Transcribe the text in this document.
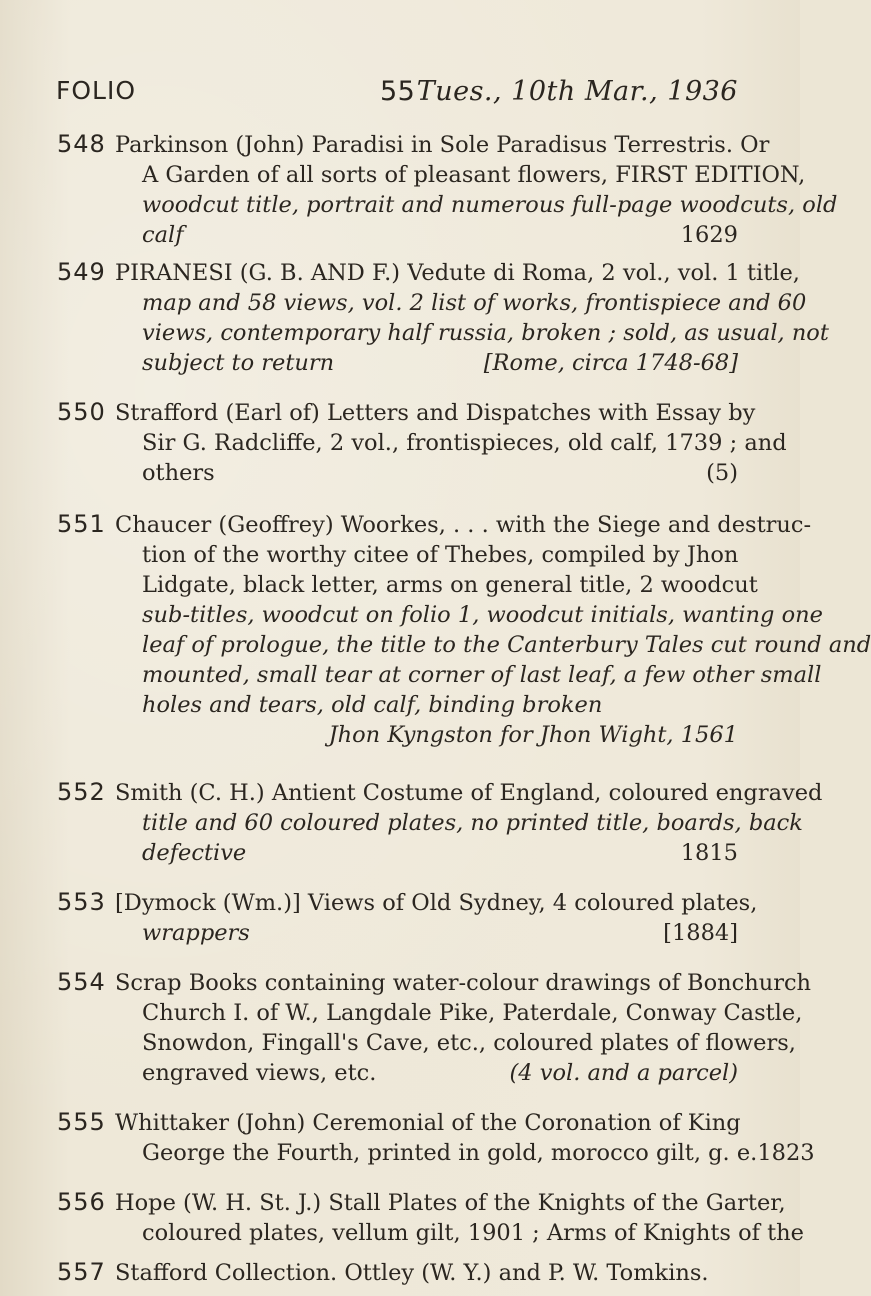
FOLIO	55 Tues., 10th Mar., 1936
548 Parkinson (John) Paradisi in Sole Paradisus Terrestris. Or
A Garden of all sorts of pleasant flowers, FIRST EDITION,
woodcut title, portrait and numerous full-page woodcuts, old
calf	1629
549 PIRANESI (G. B. AND F.) Vedute di Roma, 2 vol., vol. 1 title,
map and 58 views, vol. 2 list of works, frontispiece and 60
views, contemporary half russia, broken ; sold, as usual, not
subject to return	[Rome, circa 1748-68]
550 Strafford (Earl of) Letters and Dispatches with Essay by
Sir G. Radcliffe, 2 vol., frontispieces, old calf, 1739 ; and
others	(5)
551 Chaucer (Geoffrey) Woorkes, . . . with the Siege and destruc-
tion of the worthy citee of Thebes, compiled by Jhon
Lidgate, black letter, arms on general title, 2 woodcut
sub-titles, woodcut on folio 1, woodcut initials, wanting one
leaf of prologue, the title to the Canterbury Tales cut round and
mounted, small tear at corner of last leaf, a few other small
holes and tears, old calf, binding broken
Jhon Kyngston for Jhon Wight, 1561
552 Smith (C. H.) Antient Costume of England, coloured engraved
title and 60 coloured plates, no printed title, boards, back
defective	1815
553 [Dymock (Wm.)] Views of Old Sydney, 4 coloured plates,
wrappers	[1884]
554 Scrap Books containing water-colour drawings of Bonchurch
Church I. of W., Langdale Pike, Paterdale, Conway Castle,
Snowdon, Fingall's Cave, etc., coloured plates of flowers,
engraved views, etc.	(4 vol. and a parcel)
555 Whittaker (John) Ceremonial of the Coronation of King
George the Fourth, printed in gold, morocco gilt, g. e. 1823
556 Hope (W. H. St. J.) Stall Plates of the Knights of the Garter,
coloured plates, vellum gilt, 1901 ; Arms of Knights of the
557 Stafford Collection. Ottley (W. Y.) and P. W. Tomkins.
